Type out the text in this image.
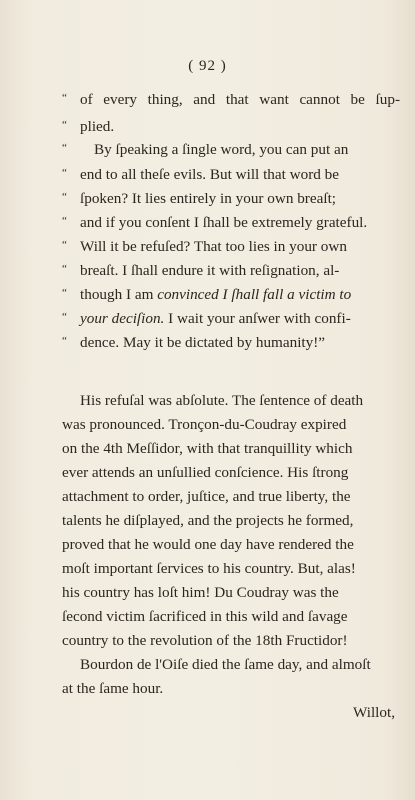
( 92 )
“ of every thing, and that want cannot be ſup-
“ plied.
“ By ſpeaking a ſingle word, you can put an
“ end to all theſe evils. But will that word be
“ ſpoken? It lies entirely in your own breaſt;
“ and if you conſent I ſhall be extremely grateful.
“ Will it be refuſed? That too lies in your own
“ breaſt. I ſhall endure it with reſignation, al-
“ though I am convinced I ſhall fall a victim to
“ your deciſion. I wait your anſwer with confi-
“ dence. May it be dictated by humanity!”
His refuſal was abſolute. The ſentence of death
was pronounced. Tronçon-du-Coudray expired
on the 4th Meſſidor, with that tranquillity which
ever attends an unſullied conſcience. His ſtrong
attachment to order, juſtice, and true liberty, the
talents he diſplayed, and the projects he formed,
proved that he would one day have rendered the
moſt important ſervices to his country. But, alas!
his country has loſt him! Du Coudray was the
ſecond victim ſacrificed in this wild and ſavage
country to the revolution of the 18th Fructidor!
Bourdon de l'Oiſe died the ſame day, and almoſt
at the ſame hour.
Willot,
